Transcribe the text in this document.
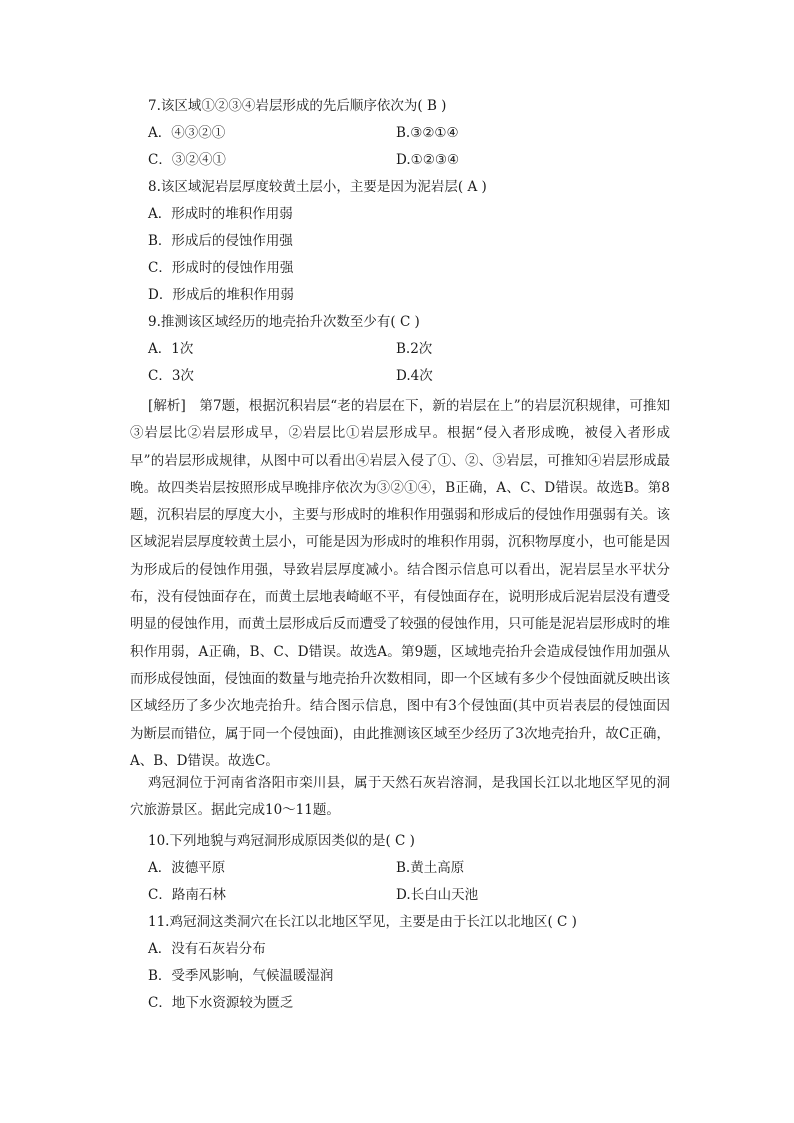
7.该区域①②③④岩层形成的先后顺序依次为( B )
A．④③②①	B.③②①④
C．③②④①	D.①②③④
8.该区域泥岩层厚度较黄土层小，主要是因为泥岩层( A )
A．形成时的堆积作用弱
B．形成后的侵蚀作用强
C．形成时的侵蚀作用强
D．形成后的堆积作用弱
9.推测该区域经历的地壳抬升次数至少有( C )
A．1次	B.2次
C．3次	D.4次
[解析]　第7题，根据沉积岩层“老的岩层在下，新的岩层在上”的岩层沉积规律，可推知③岩层比②岩层形成早，②岩层比①岩层形成早。根据“侵入者形成晚，被侵入者形成早”的岩层形成规律，从图中可以看出④岩层入侵了①、②、③岩层，可推知④岩层形成最晚。故四类岩层按照形成早晚排序依次为③②①④，B正确，A、C、D错误。故选B。第8题，沉积岩层的厚度大小，主要与形成时的堆积作用强弱和形成后的侵蚀作用强弱有关。该区域泥岩层厚度较黄土层小，可能是因为形成时的堆积作用弱，沉积物厚度小，也可能是因为形成后的侵蚀作用强，导致岩层厚度减小。结合图示信息可以看出，泥岩层呈水平状分布，没有侵蚀面存在，而黄土层地表崎岖不平，有侵蚀面存在，说明形成后泥岩层没有遭受明显的侵蚀作用，而黄土层形成后反而遭受了较强的侵蚀作用，只可能是泥岩层形成时的堆积作用弱，A正确，B、C、D错误。故选A。第9题，区域地壳抬升会造成侵蚀作用加强从而形成侵蚀面，侵蚀面的数量与地壳抬升次数相同，即一个区域有多少个侵蚀面就反映出该区域经历了多少次地壳抬升。结合图示信息，图中有3个侵蚀面(其中页岩表层的侵蚀面因为断层而错位，属于同一个侵蚀面)，由此推测该区域至少经历了3次地壳抬升，故C正确，A、B、D错误。故选C。
鸡冠洞位于河南省洛阳市栾川县，属于天然石灰岩溶洞，是我国长江以北地区罕见的洞穴旅游景区。据此完成10～11题。
10.下列地貌与鸡冠洞形成原因类似的是( C )
A．波德平原	B.黄土高原
C．路南石林	D.长白山天池
11.鸡冠洞这类洞穴在长江以北地区罕见，主要是由于长江以北地区( C )
A．没有石灰岩分布
B．受季风影响，气候温暖湿润
C．地下水资源较为匮乏
